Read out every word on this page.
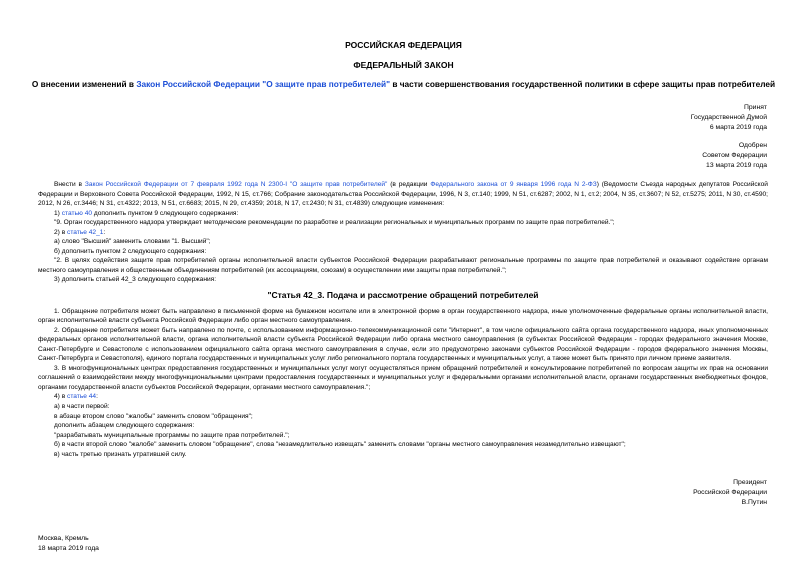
РОССИЙСКАЯ ФЕДЕРАЦИЯ
ФЕДЕРАЛЬНЫЙ ЗАКОН
О внесении изменений в Закон Российской Федерации "О защите прав потребителей" в части совершенствования государственной политики в сфере защиты прав потребителей
Принят
Государственной Думой
6 марта 2019 года
Одобрен
Советом Федерации
13 марта 2019 года

Внести в Закон Российской Федерации от 7 февраля 1992 года N 2300-I "О защите прав потребителей" (в редакции Федерального закона от 9 января 1996 года N 2-ФЗ) (Ведомости Съезда народных депутатов Российской Федерации и Верховного Совета Российской Федерации, 1992, N 15, ст.766; Собрание законодательства Российской Федерации, 1996, N 3, ст.140; 1999, N 51, ст.6287; 2002, N 1, ст.2; 2004, N 35, ст.3607; N 52, ст.5275; 2011, N 30, ст.4590; 2012, N 26, ст.3446; N 31, ст.4322; 2013, N 51, ст.6683; 2015, N 29, ст.4359; 2018, N 17, ст.2430; N 31, ст.4839) следующие изменения:

1) статью 40 дополнить пунктом 9 следующего содержания:

"9. Орган государственного надзора утверждает методические рекомендации по разработке и реализации региональных и муниципальных программ по защите прав потребителей.";

2) в статье 42_1:

а) слово "Высший" заменить словами "1. Высший";

б) дополнить пунктом 2 следующего содержания:

"2. В целях содействия защите прав потребителей органы исполнительной власти субъектов Российской Федерации разрабатывают региональные программы по защите прав потребителей и оказывают содействие органам местного самоуправления и общественным объединениям потребителей (их ассоциациям, союзам) в осуществлении ими защиты прав потребителей.";

3) дополнить статьей 42_3 следующего содержания:

"Статья 42_3. Подача и рассмотрение обращений потребителей

1. Обращение потребителя может быть направлено в письменной форме на бумажном носителе или в электронной форме в орган государственного надзора, иные уполномоченные федеральные органы исполнительной власти, орган исполнительной власти субъекта Российской Федерации либо орган местного самоуправления.

2. Обращение потребителя может быть направлено по почте, с использованием информационно-телекоммуникационной сети "Интернет", в том числе официального сайта органа государственного надзора, иных уполномоченных федеральных органов исполнительной власти, органа исполнительной власти субъекта Российской Федерации либо органа местного самоуправления (в субъектах Российской Федерации - городах федерального значения Москве, Санкт-Петербурге и Севастополе с использованием официального сайта органа местного самоуправления в случае, если это предусмотрено законами субъектов Российской Федерации - городов федерального значения Москвы, Санкт-Петербурга и Севастополя), единого портала государственных и муниципальных услуг либо регионального портала государственных и муниципальных услуг, а также может быть принято при личном приеме заявителя.

3. В многофункциональных центрах предоставления государственных и муниципальных услуг могут осуществляться прием обращений потребителей и консультирование потребителей по вопросам защиты их прав на основании соглашений о взаимодействии между многофункциональными центрами предоставления государственных и муниципальных услуг и федеральными органами исполнительной власти, органами государственных внебюджетных фондов, органами государственной власти субъектов Российской Федерации, органами местного самоуправления.";

4) в статье 44:

а) в части первой:

в абзаце втором слово "жалобы" заменить словом "обращения";

дополнить абзацем следующего содержания:

"разрабатывать муниципальные программы по защите прав потребителей.";

б) в части второй слово "жалобе" заменить словом "обращение", слова "незамедлительно извещать" заменить словами "органы местного самоуправления незамедлительно извещают";

в) часть третью признать утратившей силу.

Президент
Российской Федерации
В.Путин
Москва, Кремль
18 марта 2019 года
